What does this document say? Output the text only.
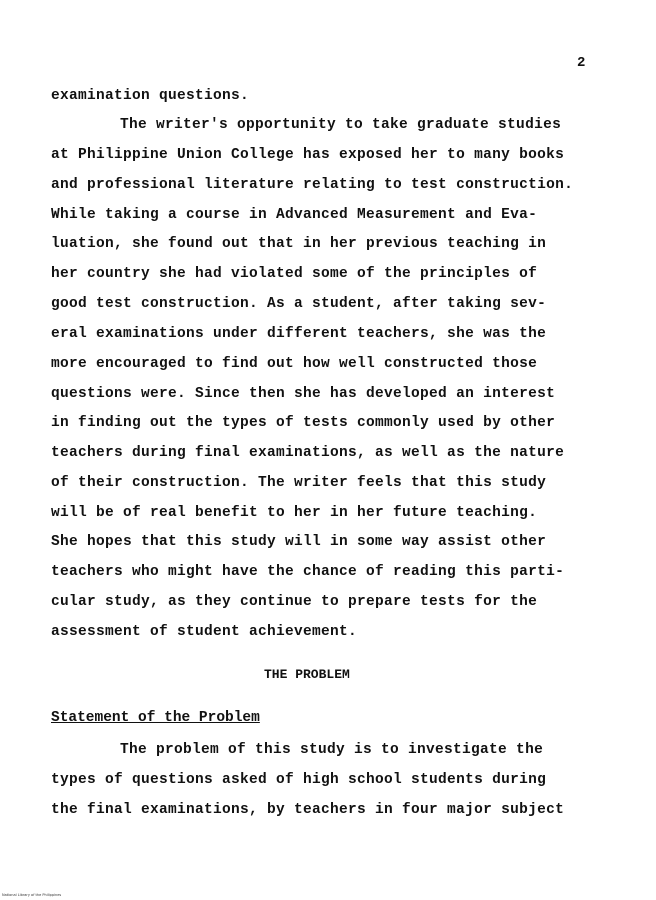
2
examination questions.
The writer's opportunity to take graduate studies
at Philippine Union College has exposed her to many books
and professional literature relating to test construction.
While taking a course in Advanced Measurement and Eva-
luation, she found out that in her previous teaching in
her country she had violated some of the principles of
good test construction. As a student, after taking sev-
eral examinations under different teachers, she was the
more encouraged to find out how well constructed those
questions were. Since then she has developed an interest
in finding out the types of tests commonly used by other
teachers during final examinations, as well as the nature
of their construction. The writer feels that this study
will be of real benefit to her in her future teaching.
She hopes that this study will in some way assist other
teachers who might have the chance of reading this parti-
cular study, as they continue to prepare tests for the
assessment of student achievement.
THE PROBLEM
Statement of the Problem
The problem of this study is to investigate the
types of questions asked of high school students during
the final examinations, by teachers in four major subject
National Library of the Philippines
